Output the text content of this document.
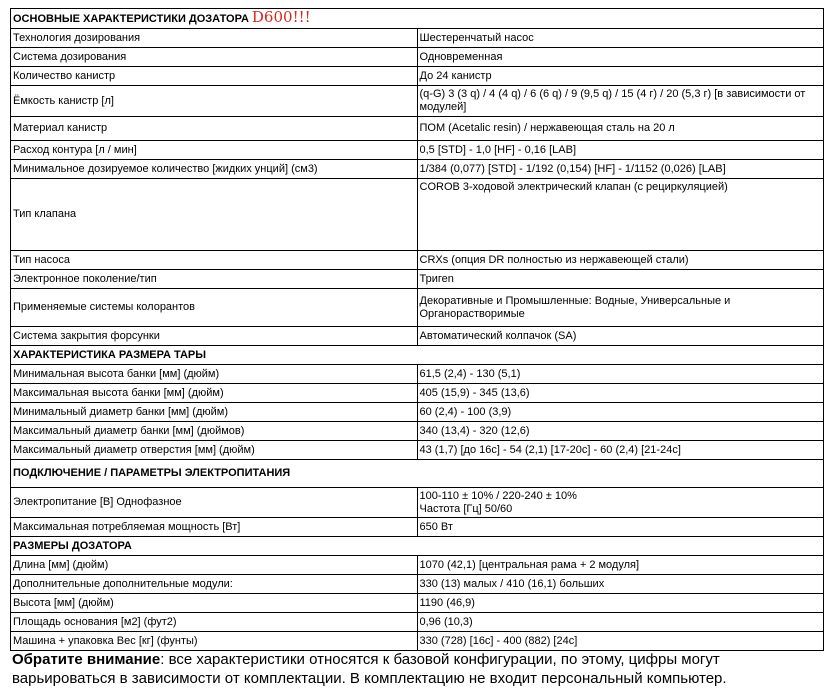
ОСНОВНЫЕ ХАРАКТЕРИСТИКИ ДОЗАТОРА D600!!!	
Технология дозирования	Шестеренчатый насос
Система дозирования	Одновременная
Количество канистр	До 24 канистр
Ёмкость канистр [л]	(q-G) 3 (3 q) / 4 (4 q) / 6 (6 q) / 9 (9,5 q) / 15 (4 г) / 20 (5,3 г) [в зависимости от модулей]
Материал канистр	ПОМ (Acetalic resin) / нержавеющая сталь на 20 л
Расход контура [л / мин]	0,5 [STD] - 1,0 [HF] - 0,16 [LAB]
Минимальное дозируемое количество [жидких унций] (см3)	1/384 (0,077) [STD] - 1/192 (0,154) [HF] - 1/1152 (0,026) [LAB]
Тип клапана	COROB 3-ходовой электрический клапан (с рециркуляцией)
Тип насоса	CRXs (опция DR полностью из нержавеющей стали)
Электронное поколение/тип	Тригеn
Применяемые системы колорантов	Декоративные и Промышленные: Водные, Универсальные и Органорастворимые
Система закрытия форсунки	Автоматический колпачок (SA)
ХАРАКТЕРИСТИКА РАЗМЕРА ТАРЫ	
Минимальная высота банки [мм] (дюйм)	61,5 (2,4) - 130 (5,1)
Максимальная высота банки [мм] (дюйм)	405 (15,9) - 345 (13,6)
Минимальный диаметр банки [мм] (дюйм)	60 (2,4) - 100 (3,9)
Максимальный диаметр банки [мм] (дюймов)	340 (13,4) - 320 (12,6)
Максимальный диаметр отверстия [мм] (дюйм)	43 (1,7) [до 16c] - 54 (2,1) [17-20c] - 60 (2,4) [21-24c]
ПОДКЛЮЧЕНИЕ / ПАРАМЕТРЫ ЭЛЕКТРОПИТАНИЯ	
Электропитание [В] Однофазное	100-110 ± 10% / 220-240 ± 10%
Частота [Гц] 50/60

Максимальная потребляемая мощность [Вт]	650 Вт
РАЗМЕРЫ ДОЗАТОРА	
Длина [мм] (дюйм)	1070 (42,1) [центральная рама + 2 модуля]
Дополнительные дополнительные модули:	330 (13) малых / 410 (16,1) больших
Высота [мм] (дюйм)	1190 (46,9)
Площадь основания [м2] (фут2)	0,96 (10,3)
Машина + упаковка Вес [кг] (фунты)	330 (728) [16c] - 400 (882) [24c]
Обратите внимание: все характеристики относятся к базовой конфигурации, по этому, цифры могут варьироваться в зависимости от комплектации. В комплектацию не входит персональный компьютер.
